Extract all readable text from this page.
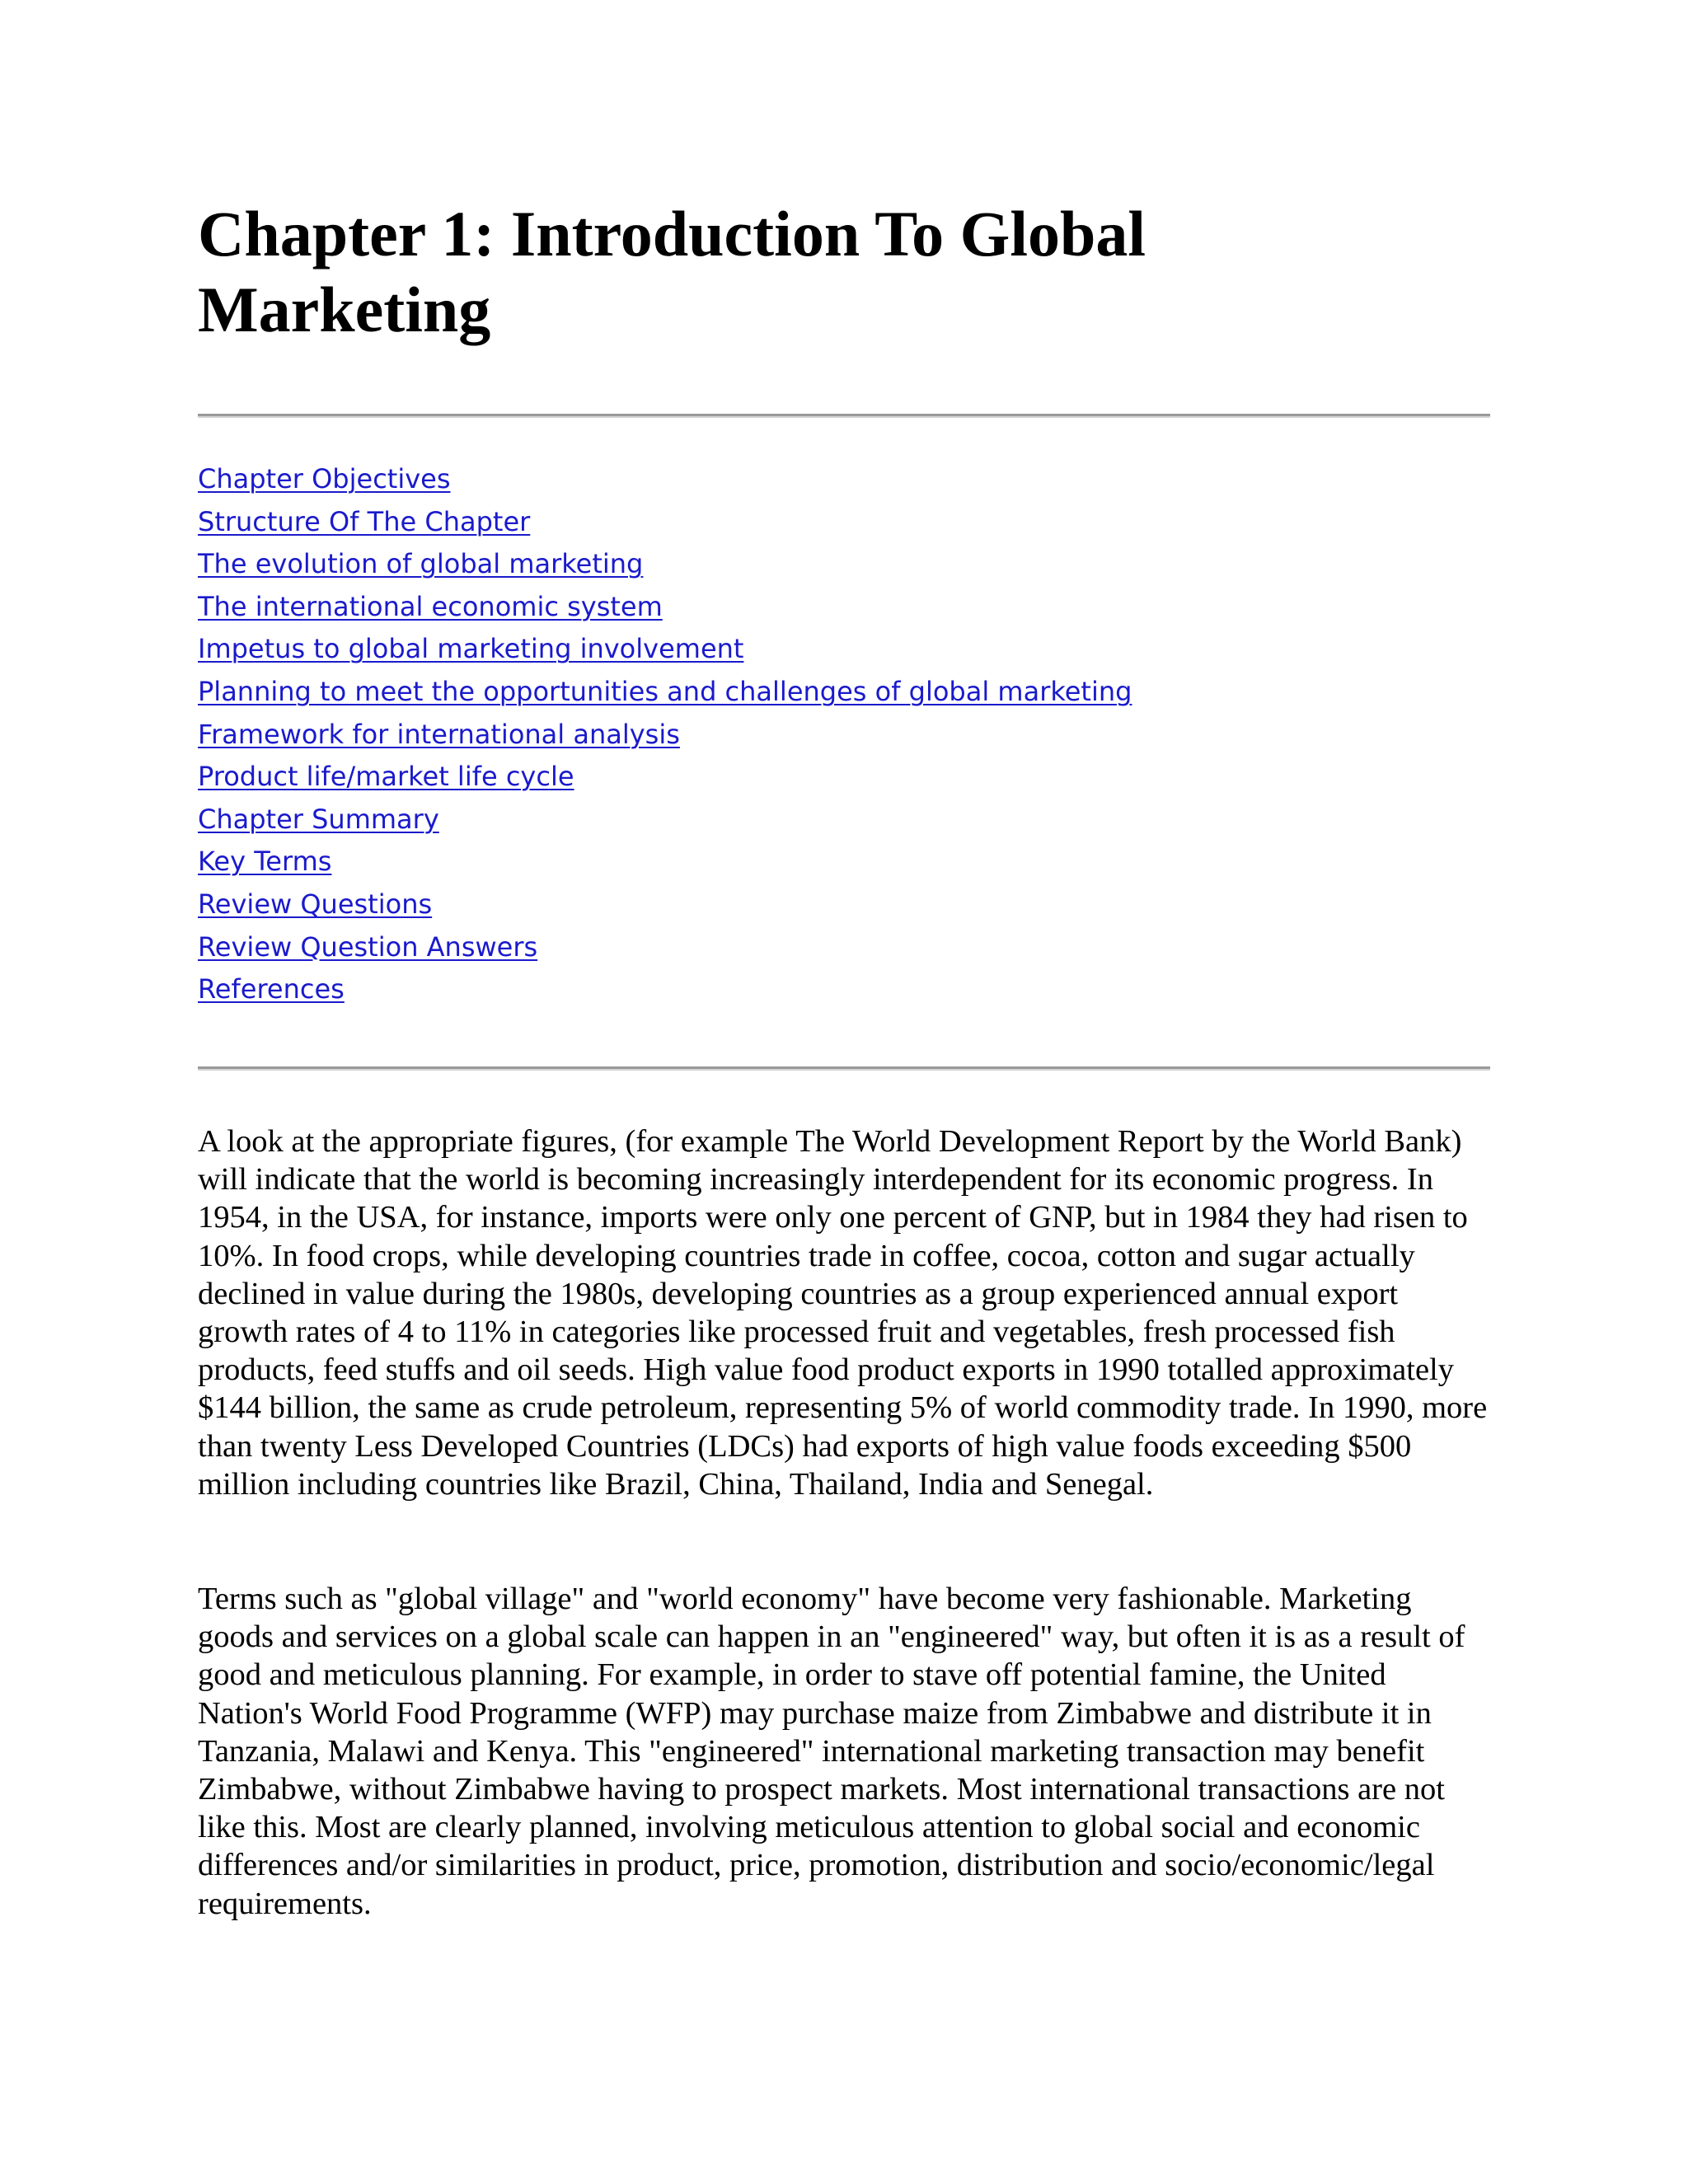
Chapter 1: Introduction To Global Marketing
Chapter Objectives
Structure Of The Chapter
The evolution of global marketing
The international economic system
Impetus to global marketing involvement
Planning to meet the opportunities and challenges of global marketing
Framework for international analysis
Product life/market life cycle
Chapter Summary
Key Terms
Review Questions
Review Question Answers
References

A look at the appropriate figures, (for example The World Development Report by the World Bank) will indicate that the world is becoming increasingly interdependent for its economic progress. In 1954, in the USA, for instance, imports were only one percent of GNP, but in 1984 they had risen to 10%. In food crops, while developing countries trade in coffee, cocoa, cotton and sugar actually declined in value during the 1980s, developing countries as a group experienced annual export growth rates of 4 to 11% in categories like processed fruit and vegetables, fresh processed fish products, feed stuffs and oil seeds. High value food product exports in 1990 totalled approximately $144 billion, the same as crude petroleum, representing 5% of world commodity trade. In 1990, more than twenty Less Developed Countries (LDCs) had exports of high value foods exceeding $500 million including countries like Brazil, China, Thailand, India and Senegal.

Terms such as "global village" and "world economy" have become very fashionable. Marketing goods and services on a global scale can happen in an "engineered" way, but often it is as a result of good and meticulous planning. For example, in order to stave off potential famine, the United Nation's World Food Programme (WFP) may purchase maize from Zimbabwe and distribute it in Tanzania, Malawi and Kenya. This "engineered" international marketing transaction may benefit Zimbabwe, without Zimbabwe having to prospect markets. Most international transactions are not like this. Most are clearly planned, involving meticulous attention to global social and economic differences and/or similarities in product, price, promotion, distribution and socio/economic/legal requirements.
